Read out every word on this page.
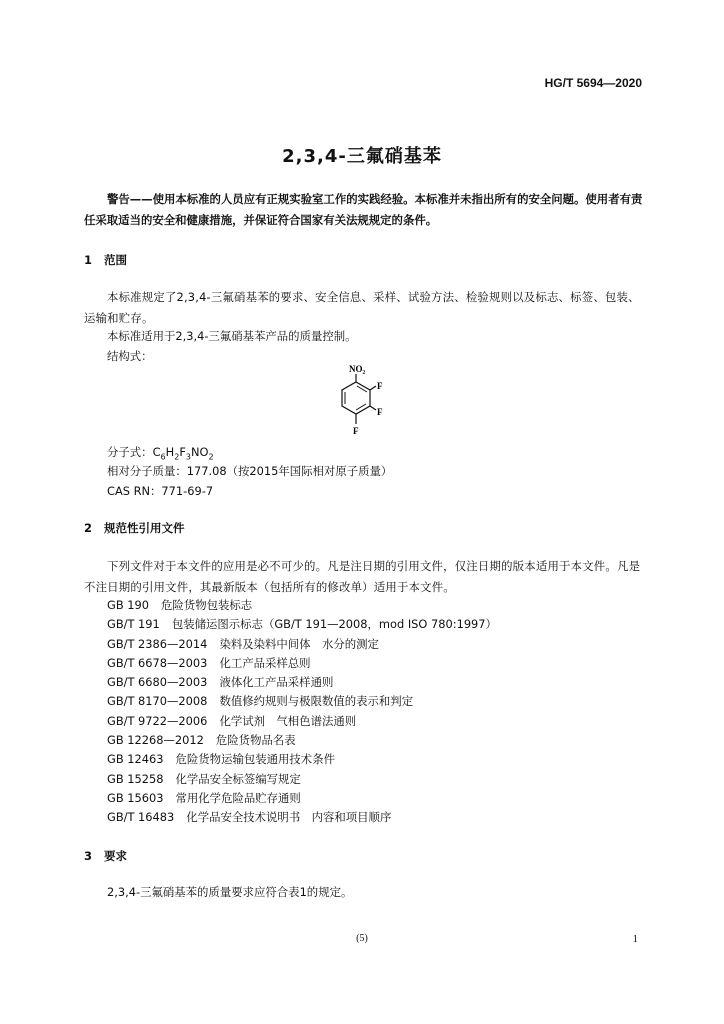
HG/T 5694—2020
2,3,4-三氟硝基苯
警告——使用本标准的人员应有正规实验室工作的实践经验。本标准并未指出所有的安全问题。使用者有责任采取适当的安全和健康措施，并保证符合国家有关法规规定的条件。
1 范围
本标准规定了2,3,4-三氟硝基苯的要求、安全信息、采样、试验方法、检验规则以及标志、标签、包装、运输和贮存。
本标准适用于2,3,4-三氟硝基苯产品的质量控制。
结构式：
NO₂
F
F
F
分子式：$C_6H_2F_3NO_2$
相对分子质量：177.08（按2015年国际相对原子质量）
CAS RN：771-69-7
2 规范性引用文件
下列文件对于本文件的应用是必不可少的。凡是注日期的引用文件，仅注日期的版本适用于本文件。凡是不注日期的引用文件，其最新版本（包括所有的修改单）适用于本文件。
GB 190 危险货物包装标志
GB/T 191 包装储运图示标志（GB/T 191—2008，mod ISO 780:1997）
GB/T 2386—2014 染料及染料中间体　水分的测定
GB/T 6678—2003 化工产品采样总则
GB/T 6680—2003 液体化工产品采样通则
GB/T 8170—2008 数值修约规则与极限数值的表示和判定
GB/T 9722—2006 化学试剂　气相色谱法通则
GB 12268—2012 危险货物品名表
GB 12463 危险货物运输包装通用技术条件
GB 15258 化学品安全标签编写规定
GB 15603 常用化学危险品贮存通则
GB/T 16483 化学品安全技术说明书　内容和项目顺序
3 要求
2,3,4-三氟硝基苯的质量要求应符合表1的规定。
(5)	1
